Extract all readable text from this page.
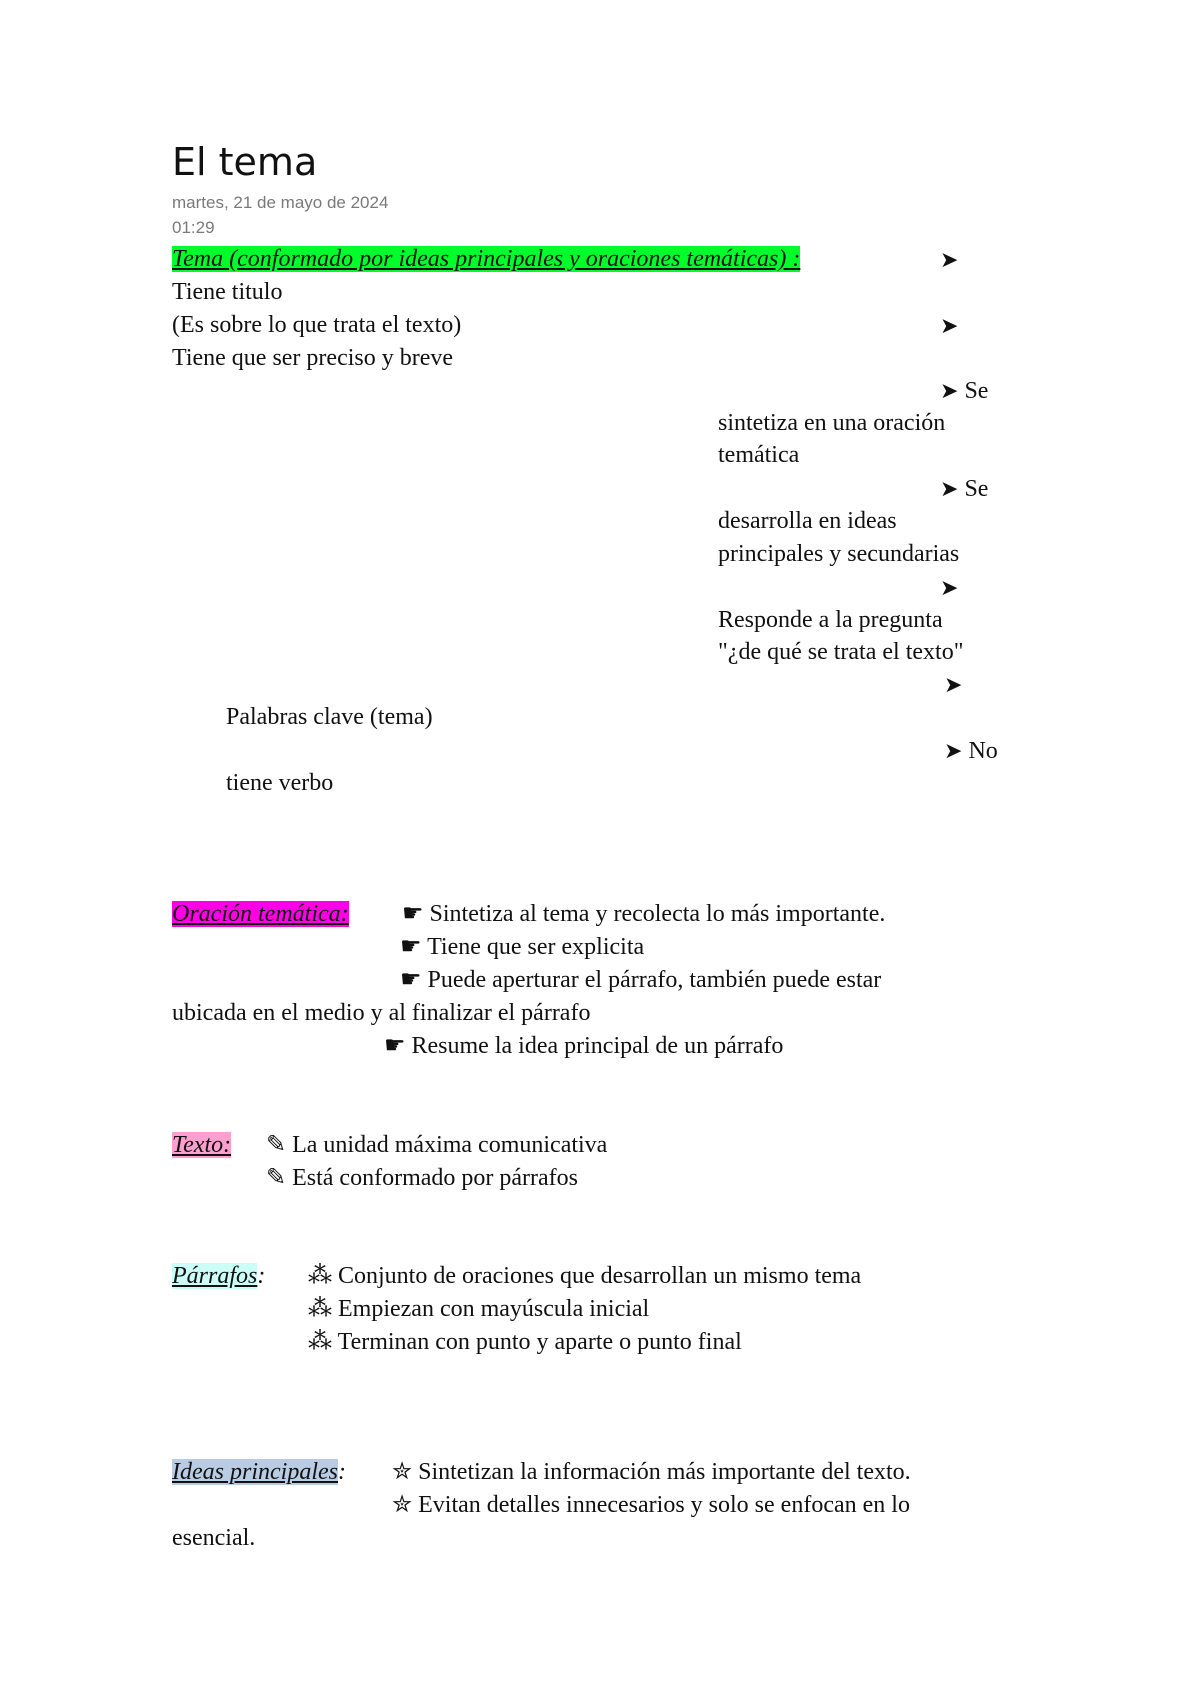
El tema
martes, 21 de mayo de 2024
01:29
Tema (conformado por ideas principales y oraciones temáticas) :	➤
Tiene titulo
(Es sobre lo que trata el texto)	➤
Tiene que ser preciso y breve
➤ Se
sintetiza en una oración
temática
➤ Se
desarrolla en ideas
principales y secundarias
➤
Responde a la pregunta
"¿de qué se trata el texto"
➤
Palabras clave (tema)
➤ No
tiene verbo
Oración temática: ☛ Sintetiza al tema y recolecta lo más importante.
☛ Tiene que ser explicita
☛ Puede aperturar el párrafo, también puede estar
ubicada en el medio y al finalizar el párrafo
☛ Resume la idea principal de un párrafo
Texto: ✎ La unidad máxima comunicativa
✎ Está conformado por párrafos
Párrafos: ⁂ Conjunto de oraciones que desarrollan un mismo tema
⁂ Empiezan con mayúscula inicial
⁂ Terminan con punto y aparte o punto final
Ideas principales: ✮ Sintetizan la información más importante del texto.
✮ Evitan detalles innecesarios y solo se enfocan en lo
esencial.
